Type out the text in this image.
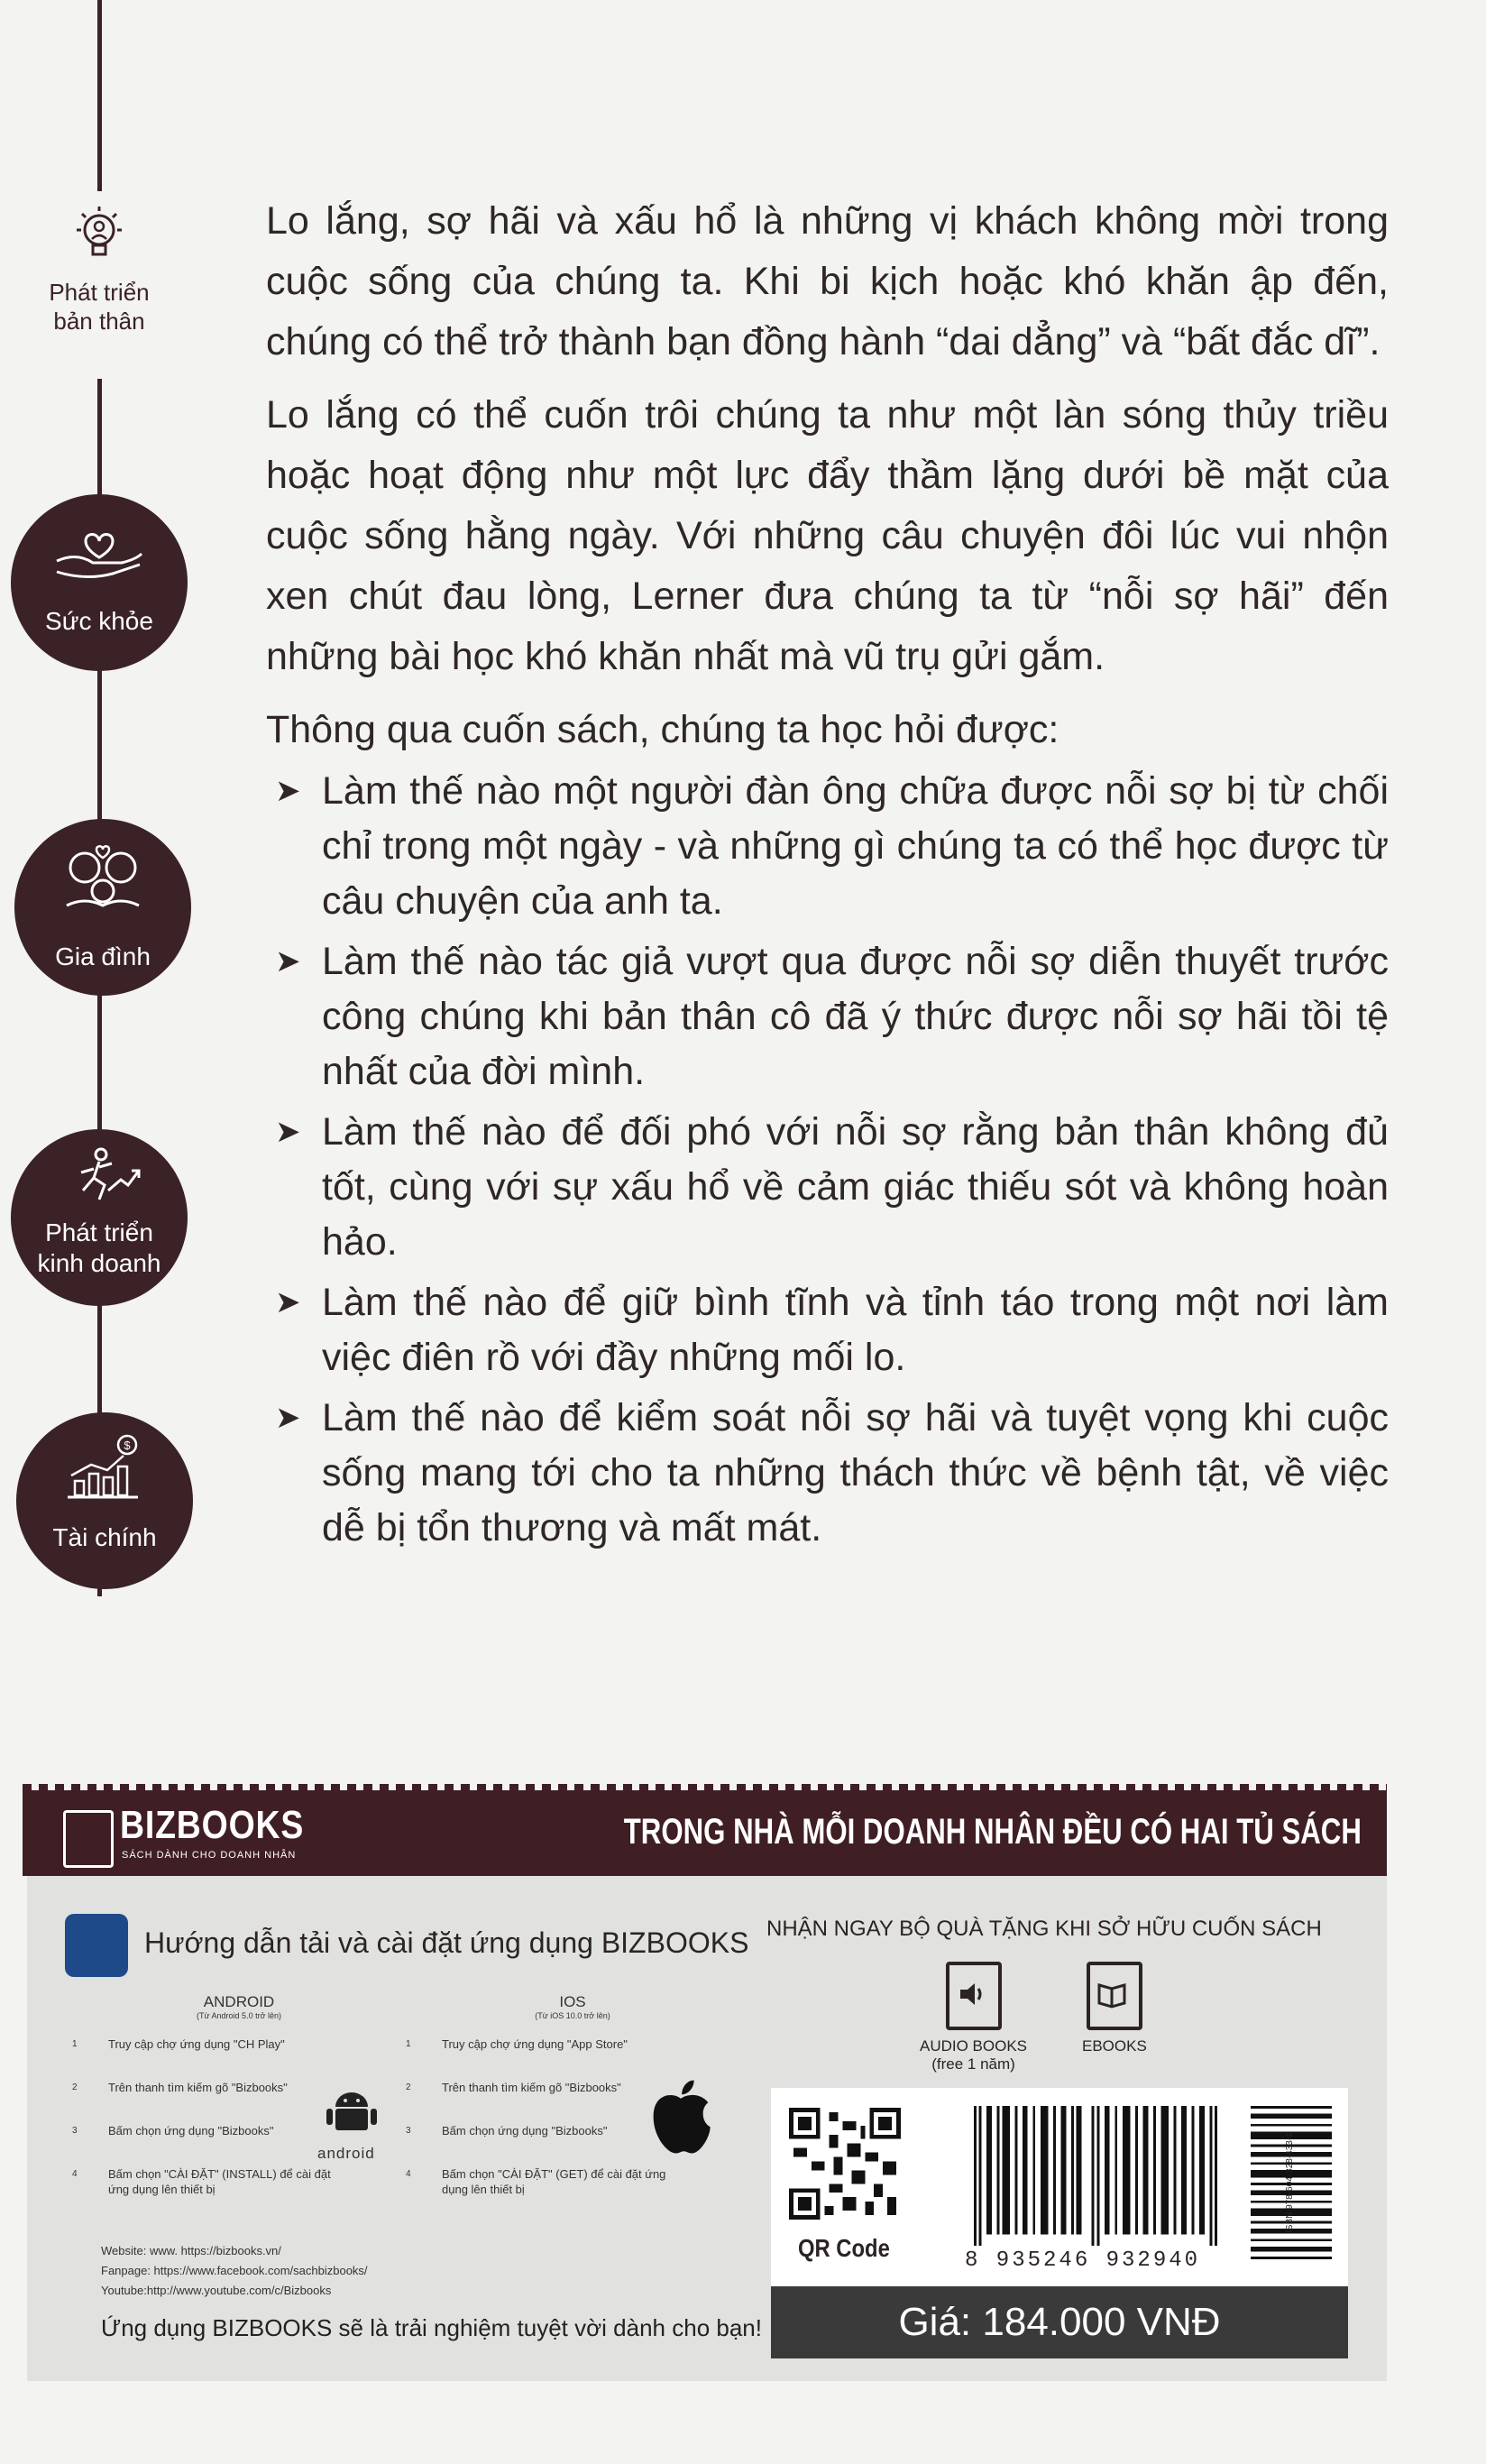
Phát triển
bản thân
Sức khỏe
Gia đình
Phát triển
kinh doanh
$
Tài chính

Lo lắng, sợ hãi và xấu hổ là những vị khách không mời trong cuộc sống của chúng ta. Khi bi kịch hoặc khó khăn ập đến, chúng có thể trở thành bạn đồng hành “dai dẳng” và “bất đắc dĩ”.

Lo lắng có thể cuốn trôi chúng ta như một làn sóng thủy triều hoặc hoạt động như một lực đẩy thầm lặng dưới bề mặt của cuộc sống hằng ngày. Với những câu chuyện đôi lúc vui nhộn xen chút đau lòng, Lerner đưa chúng ta từ “nỗi sợ hãi” đến những bài học khó khăn nhất mà vũ trụ gửi gắm.

Thông qua cuốn sách, chúng ta học hỏi được:

➤ Làm thế nào một người đàn ông chữa được nỗi sợ bị từ chối chỉ trong một ngày - và những gì chúng ta có thể học được từ câu chuyện của anh ta.
➤ Làm thế nào tác giả vượt qua được nỗi sợ diễn thuyết trước công chúng khi bản thân cô đã ý thức được nỗi sợ hãi tồi tệ nhất của đời mình.
➤ Làm thế nào để đối phó với nỗi sợ rằng bản thân không đủ tốt, cùng với sự xấu hổ về cảm giác thiếu sót và không hoàn hảo.
➤ Làm thế nào để giữ bình tĩnh và tỉnh táo trong một nơi làm việc điên rồ với đầy những mối lo.
➤ Làm thế nào để kiểm soát nỗi sợ hãi và tuyệt vọng khi cuộc sống mang tới cho ta những thách thức về bệnh tật, về việc dễ bị tổn thương và mất mát.
BIZBOOKS
SÁCH DÀNH CHO DOANH NHÂN
TRONG NHÀ MỖI DOANH NHÂN ĐỀU CÓ HAI TỦ SÁCH
Hướng dẫn tải và cài đặt ứng dụng BIZBOOKS
ANDROID
(Từ Android 5.0 trở lên)
1	Truy cập chợ ứng dụng "CH Play"
2	Trên thanh tìm kiếm gõ "Bizbooks"
3	Bấm chọn ứng dụng "Bizbooks"
4	Bấm chọn "CÀI ĐẶT" (INSTALL) để cài đặt ứng dụng lên thiết bị
android
IOS
(Từ iOS 10.0 trở lên)
1	Truy cập chợ ứng dụng "App Store"
2	Trên thanh tìm kiếm gõ "Bizbooks"
3	Bấm chọn ứng dụng "Bizbooks"
4	Bấm chọn "CÀI ĐẶT" (GET) để cài đặt ứng dụng lên thiết bị
Website: www. https://bizbooks.vn/
Fanpage: https://www.facebook.com/sachbizbooks/
Youtube:http://www.youtube.com/c/Bizbooks
Ứng dụng BIZBOOKS sẽ là trải nghiệm tuyệt vời dành cho bạn!
NHẬN NGAY BỘ QUÀ TẶNG KHI SỞ HỮU CUỐN SÁCH
AUDIO BOOKS
(free 1 năm)
EBOOKS
QR Code	8 935246 932940
ISBN 978-604-328-433-1
Giá: 184.000 VNĐ
